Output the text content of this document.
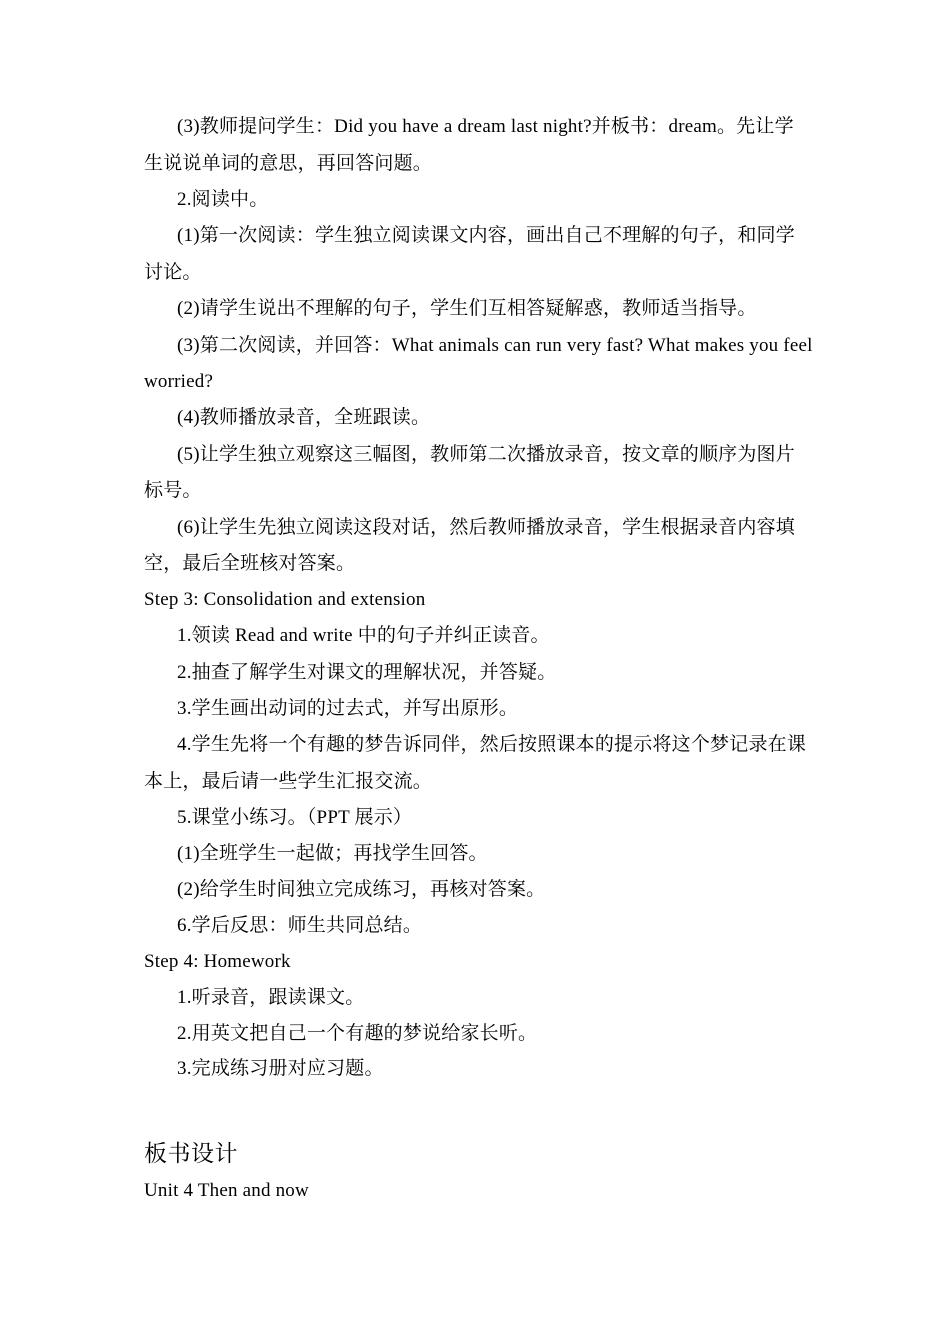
(3)教师提问学生：Did you have a dream last night?并板书：dream。先让学
生说说单词的意思，再回答问题。
2.阅读中。
(1)第一次阅读：学生独立阅读课文内容，画出自己不理解的句子，和同学
讨论。
(2)请学生说出不理解的句子，学生们互相答疑解惑，教师适当指导。
(3)第二次阅读，并回答：What animals can run very fast? What makes you feel
worried?
(4)教师播放录音，全班跟读。
(5)让学生独立观察这三幅图，教师第二次播放录音，按文章的顺序为图片
标号。
(6)让学生先独立阅读这段对话，然后教师播放录音，学生根据录音内容填
空，最后全班核对答案。
Step 3: Consolidation and extension
1.领读 Read and write 中的句子并纠正读音。
2.抽查了解学生对课文的理解状况，并答疑。
3.学生画出动词的过去式，并写出原形。
4.学生先将一个有趣的梦告诉同伴，然后按照课本的提示将这个梦记录在课
本上，最后请一些学生汇报交流。
5.课堂小练习。（PPT 展示）
(1)全班学生一起做；再找学生回答。
(2)给学生时间独立完成练习，再核对答案。
6.学后反思：师生共同总结。
Step 4: Homework
1.听录音，跟读课文。
2.用英文把自己一个有趣的梦说给家长听。
3.完成练习册对应习题。
板书设计
Unit 4 Then and now
